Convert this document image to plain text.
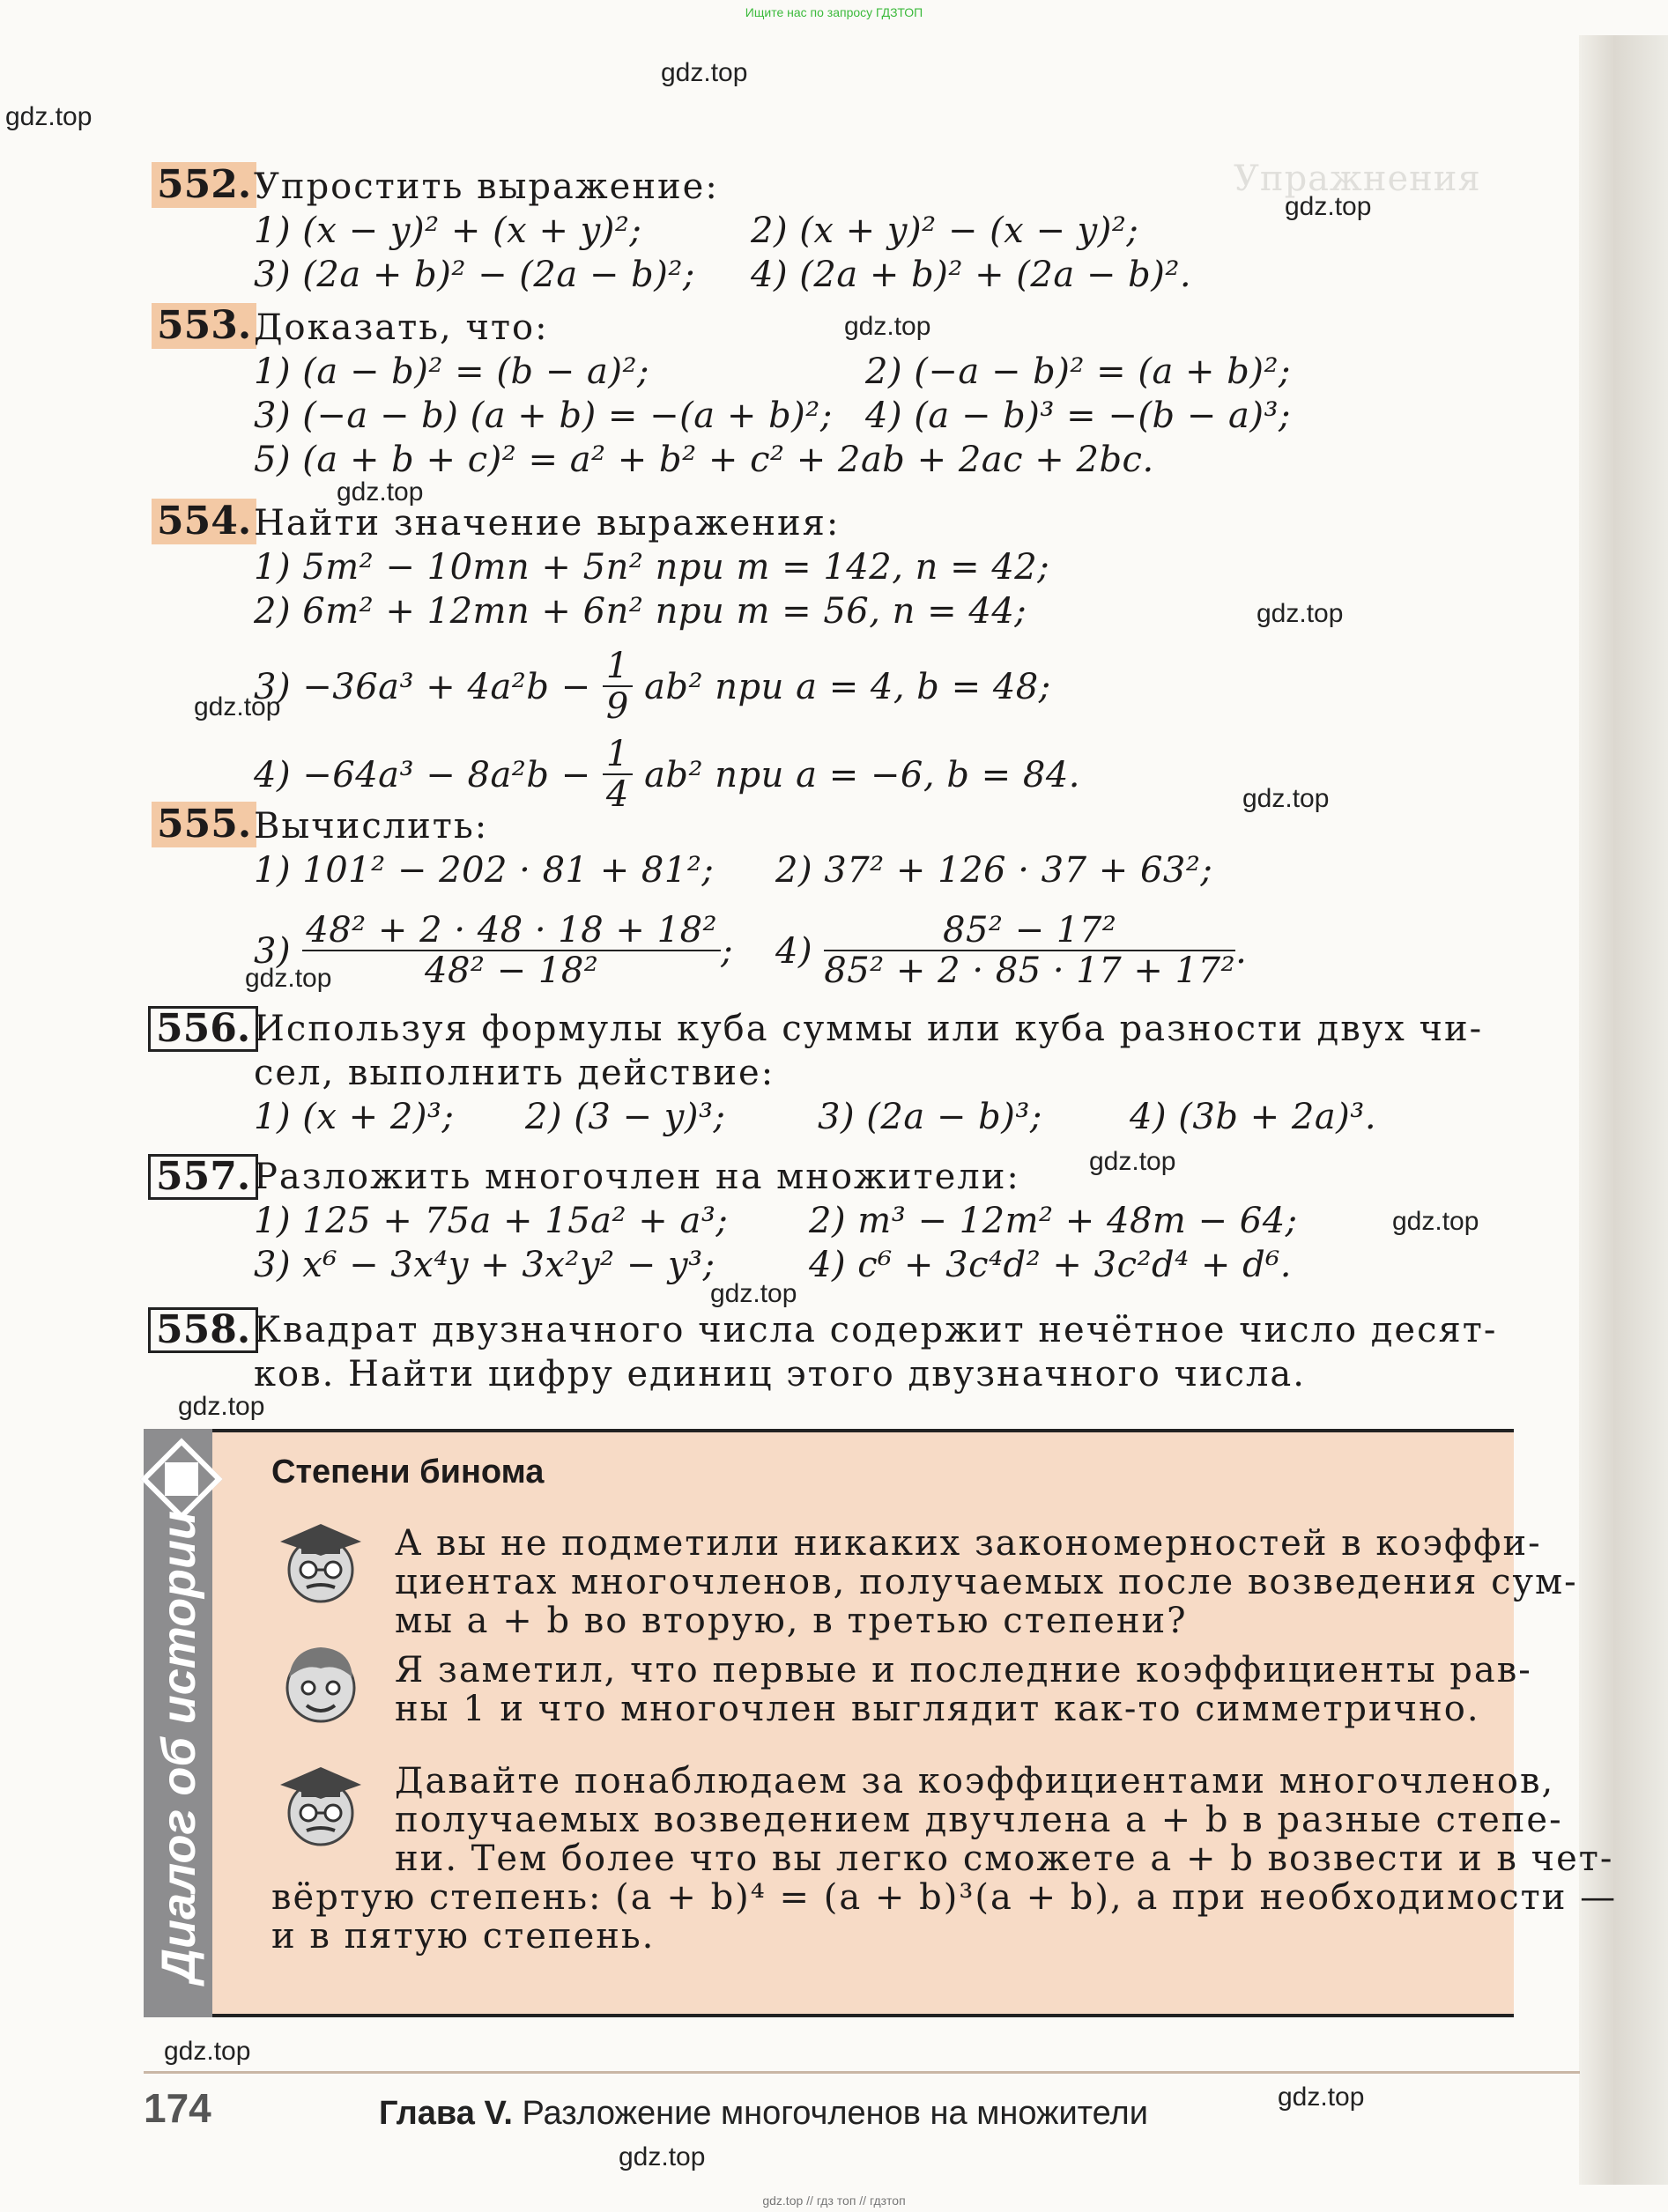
Ищите нас по запросу ГДЗТОП
Упражнения
gdz.top
gdz.top
gdz.top
gdz.top
gdz.top
gdz.top
gdz.top
gdz.top
gdz.top
gdz.top
gdz.top
gdz.top
gdz.top
gdz.top
gdz.top
gdz.top
552. Упростить выражение:
1) (x − y)² + (x + y)²;	2) (x + y)² − (x − y)²;
3) (2a + b)² − (2a − b)²; 4) (2a + b)² + (2a − b)².
553. Доказать, что:
1) (a − b)² = (b − a)²;	2) (−a − b)² = (a + b)²;
3) (−a − b) (a + b) = −(a + b)²; 4) (a − b)³ = −(b − a)³;
5) (a + b + c)² = a² + b² + c² + 2ab + 2ac + 2bc.
554. Найти значение выражения:
1) 5m² − 10mn + 5n² при m = 142, n = 42;
2) 6m² + 12mn + 6n² при m = 56, n = 44;
$3) -36a^3 + 4a^2b - \frac{1}{9} ab^2$ при a = 4, b = 48;
$4) -64a^3 - 8a^2b - \frac{1}{4} ab^2$ при a = −6, b = 84.
555. Вычислить:
1) 101² − 202 · 81 + 81²; 2) 37² + 126 · 37 + 63²;
$3) \frac{\text{48² + 2 · 48 · 18 + 18²}}{\text{48² − 18²}}$ ; $4) \frac{\text{85² − 17²}}{\text{85² + 2 · 85 · 17 + 17²}}$ .
556. Используя формулы куба суммы или куба разности двух чи-
сел, выполнить действие:
1) (x + 2)³; 2) (3 − y)³;	3) (2a − b)³; 4) (3b + 2a)³.
557. Разложить многочлен на множители:
1) 125 + 75a + 15a² + a³; 2) m³ − 12m² + 48m − 64;
3) x⁶ − 3x⁴y + 3x²y² − y³;	4) c⁶ + 3c⁴d² + 3c²d⁴ + d⁶.
558. Квадрат двузначного числа содержит нечётное число десят-
ков. Найти цифру единиц этого двузначного числа.
Диалог об истории
Степени бинома
А вы не подметили никаких закономерностей в коэффи-
циентах многочленов, получаемых после возведения сум-
мы a + b во вторую, в третью степени?
Я заметил, что первые и последние коэффициенты рав-
ны 1 и что многочлен выглядит как-то симметрично.
Давайте понаблюдаем за коэффициентами многочленов,
получаемых возведением двучлена a + b в разные степе-
ни. Тем более что вы легко сможете a + b возвести и в чет-
вёртую степень: (a + b)⁴ = (a + b)³(a + b), а при необходимости —
и в пятую степень.
174	Глава V. Разложение многочленов на множители
gdz.top // гдз топ // гдзтоп
